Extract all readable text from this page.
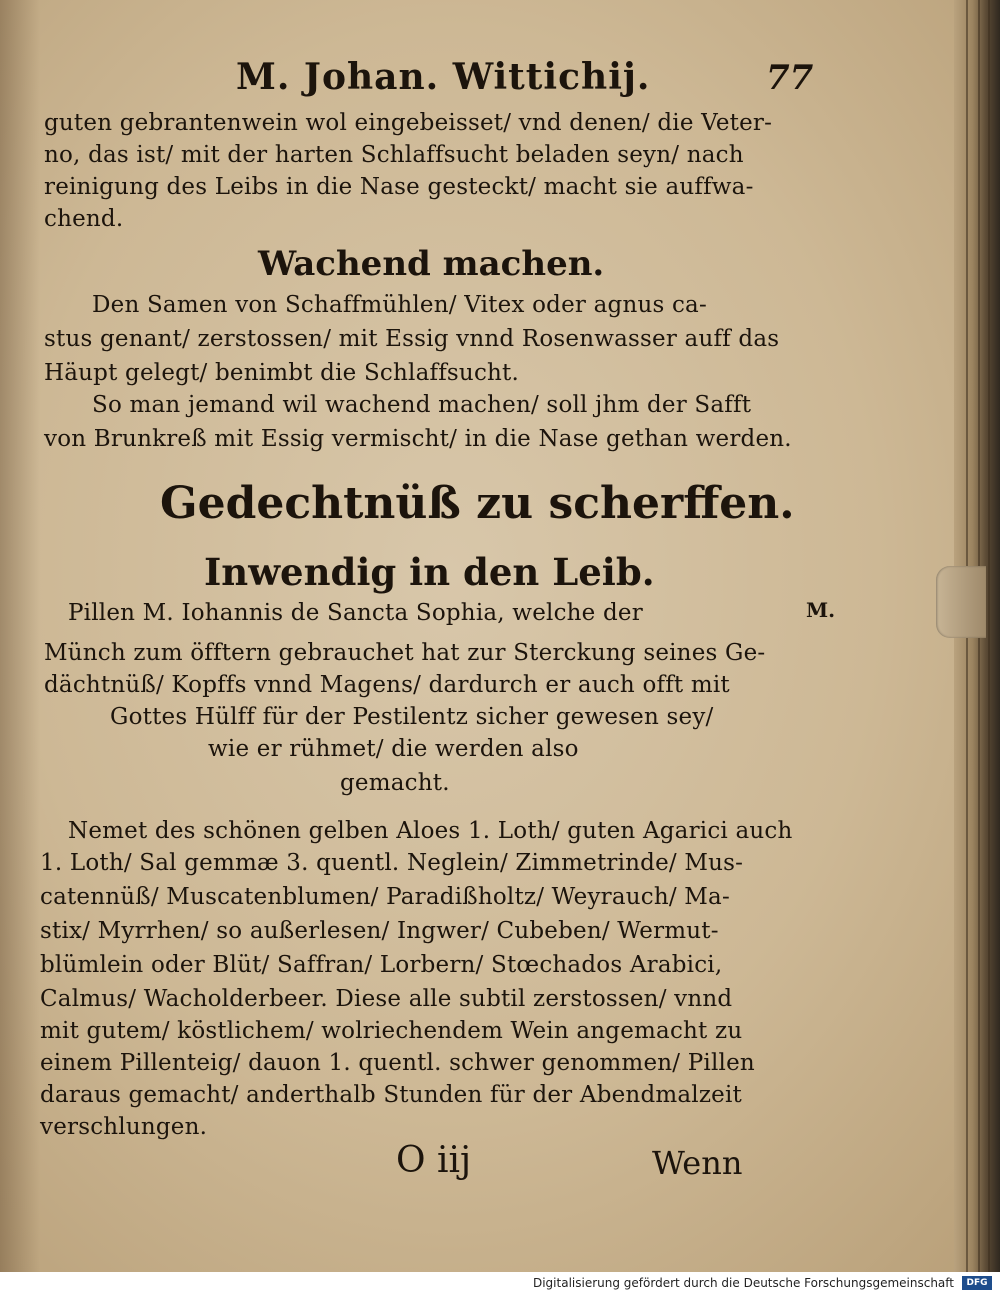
M. Johan. Wittichij.	77
guten gebrantenwein wol eingebeisset/ vnd denen/ die Veter-
no, das ist/ mit der harten Schlaffsucht beladen seyn/ nach
reinigung des Leibs in die Nase gesteckt/ macht sie auffwa-
chend.
Wachend machen.
Den Samen von Schaffmühlen/ Vitex oder agnus ca-
stus genant/ zerstossen/ mit Essig vnnd Rosenwasser auff das
Häupt gelegt/ benimbt die Schlaffsucht.
So man jemand wil wachend machen/ soll jhm der Safft
von Brunkreß mit Essig vermischt/ in die Nase gethan werden.
Gedechtnüß zu scherffen.
Inwendig in den Leib.
M.
Pillen M. Iohannis de Sancta Sophia, welche der
Münch zum öfftern gebrauchet hat zur Sterckung seines Ge-
dächtnüß/ Kopffs vnnd Magens/ dardurch er auch offt mit
Gottes Hülff für der Pestilentz sicher gewesen sey/
wie er rühmet/ die werden also
gemacht.
Nemet des schönen gelben Aloes 1. Loth/ guten Agarici auch
1. Loth/ Sal gemmæ 3. quentl. Neglein/ Zimmetrinde/ Mus-
catennüß/ Muscatenblumen/ Paradißholtz/ Weyrauch/ Ma-
stix/ Myrrhen/ so außerlesen/ Ingwer/ Cubeben/ Wermut-
blümlein oder Blüt/ Saffran/ Lorbern/ Stœchados Arabici,
Calmus/ Wacholderbeer. Diese alle subtil zerstossen/ vnnd
mit gutem/ köstlichem/ wolriechendem Wein angemacht zu
einem Pillenteig/ dauon 1. quentl. schwer genommen/ Pillen
daraus gemacht/ anderthalb Stunden für der Abendmalzeit
verschlungen.
O iij	Wenn
Digitalisierung gefördert durch die Deutsche Forschungsgemeinschaft	DFG
